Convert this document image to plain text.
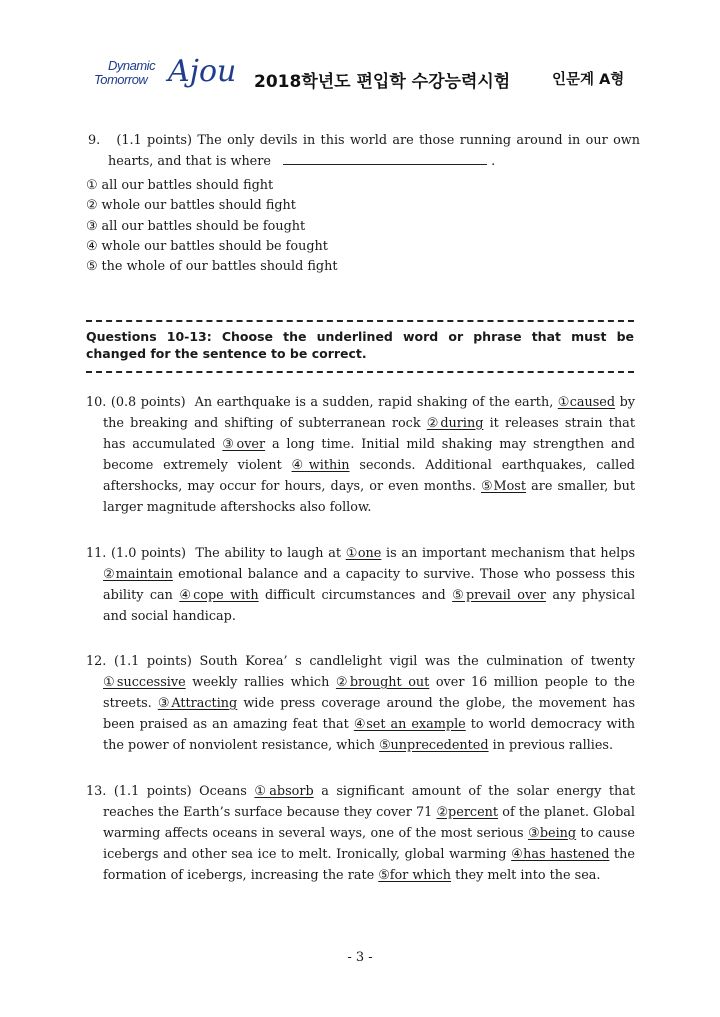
Dynamic
Tomorrow Ajou 2018학년도 편입학 수강능력시험	인문계 A형
9. (1.1 points) The only devils in this world are those running around in our own hearts, and that is where	.
① all our battles should fight
② whole our battles should fight
③ all our battles should be fought
④ whole our battles should be fought
⑤ the whole of our battles should fight
Questions 10-13: Choose the underlined word or phrase that must be changed for the sentence to be correct.
10. (0.8 points) An earthquake is a sudden, rapid shaking of the earth, ①caused by the breaking and shifting of subterranean rock ②during it releases strain that has accumulated ③over a long time. Initial mild shaking may strengthen and become extremely violent ④within seconds. Additional earthquakes, called aftershocks, may occur for hours, days, or even months. ⑤Most are smaller, but larger magnitude aftershocks also follow.
11. (1.0 points) The ability to laugh at ①one is an important mechanism that helps ②maintain emotional balance and a capacity to survive. Those who possess this ability can ④cope with difficult circumstances and ⑤prevail over any physical and social handicap.
12. (1.1 points) South Korea’ s candlelight vigil was the culmination of twenty ①successive weekly rallies which ②brought out over 16 million people to the streets. ③Attracting wide press coverage around the globe, the movement has been praised as an amazing feat that ④set an example to world democracy with the power of nonviolent resistance, which ⑤unprecedented in previous rallies.
13. (1.1 points) Oceans ①absorb a significant amount of the solar energy that reaches the Earth’s surface because they cover 71 ②percent of the planet. Global warming affects oceans in several ways, one of the most serious ③being to cause icebergs and other sea ice to melt. Ironically, global warming ④has hastened the formation of icebergs, increasing the rate ⑤for which they melt into the sea.
- 3 -
